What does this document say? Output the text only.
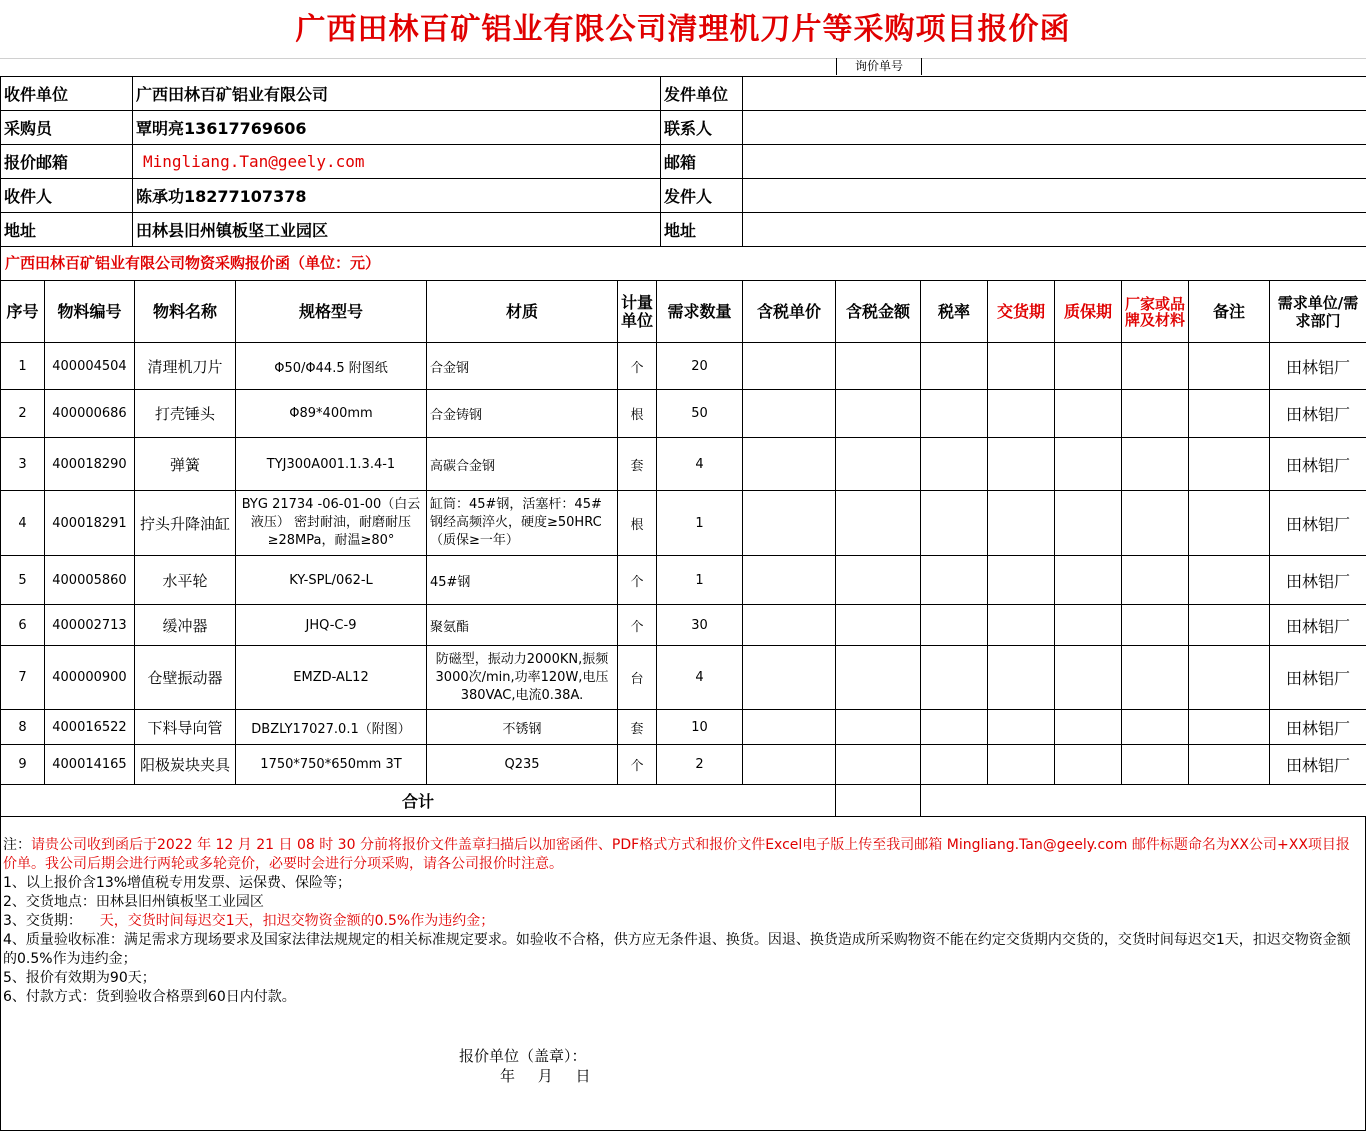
广西田林百矿铝业有限公司清理机刀片等采购项目报价函
询价单号
收件单位	广西田林百矿铝业有限公司	发件单位	
采购员	覃明亮13617769606	联系人	
报价邮箱	Mingliang.Tan@geely.com	邮箱	
收件人	陈承功18277107378	发件人	
地址	田林县旧州镇板坚工业园区	地址	
广西田林百矿铝业有限公司物资采购报价函（单位：元）
序号	物料编号	物料名称	规格型号	材质	计量单位	需求数量	含税单价	含税金额	税率	交货期	质保期	厂家或品牌及材料	备注	需求单位/需求部门
1	400004504	清理机刀片	Φ50/Φ44.5 附图纸	合金钢	个	20								田林铝厂
2	400000686	打壳锤头	Φ89*400mm	合金铸钢	根	50								田林铝厂
3	400018290	弹簧	TYJ300A001.1.3.4-1	高碳合金钢	套	4								田林铝厂
4	400018291	拧头升降油缸	BYG 21734 -06-01-00（白云液压） 密封耐油，耐磨耐压≥28MPa，耐温≥80°	缸筒：45#钢，活塞杆：45#钢经高频淬火，硬度≥50HRC（质保≥一年）	根	1								田林铝厂
5	400005860	水平轮	KY-SPL/062-L	45#钢	个	1								田林铝厂
6	400002713	缓冲器	JHQ-C-9	聚氨酯	个	30								田林铝厂
7	400000900	仓壁振动器	EMZD-AL12	防磁型，振动力2000KN,振频3000次/min,功率120W,电压380VAC,电流0.38A.	台	4								田林铝厂
8	400016522	下料导向管	DBZLY17027.0.1（附图）	不锈钢	套	10								田林铝厂
9	400014165	阳极炭块夹具	1750*750*650mm 3T	Q235	个	2								田林铝厂
合计														
注：请贵公司收到函后于2022 年 12 月 21 日 08 时 30 分前将报价文件盖章扫描后以加密函件、PDF格式方式和报价文件Excel电子版上传至我司邮箱 Mingliang.Tan@geely.com 邮件标题命名为XX公司+XX项目报价单。我公司后期会进行两轮或多轮竞价，必要时会进行分项采购，请各公司报价时注意。
1、以上报价含13%增值税专用发票、运保费、保险等；
2、交货地点：田林县旧州镇板坚工业园区
3、交货期：    天，交货时间每迟交1天，扣迟交物资金额的0.5%作为违约金；
4、质量验收标准：满足需求方现场要求及国家法律法规规定的相关标准规定要求。如验收不合格，供方应无条件退、换货。因退、换货造成所采购物资不能在约定交货期内交货的，交货时间每迟交1天，扣迟交物资金额的0.5%作为违约金；
5、报价有效期为90天；
6、付款方式：货到验收合格票到60日内付款。
报价单位（盖章）：
年 月 日
